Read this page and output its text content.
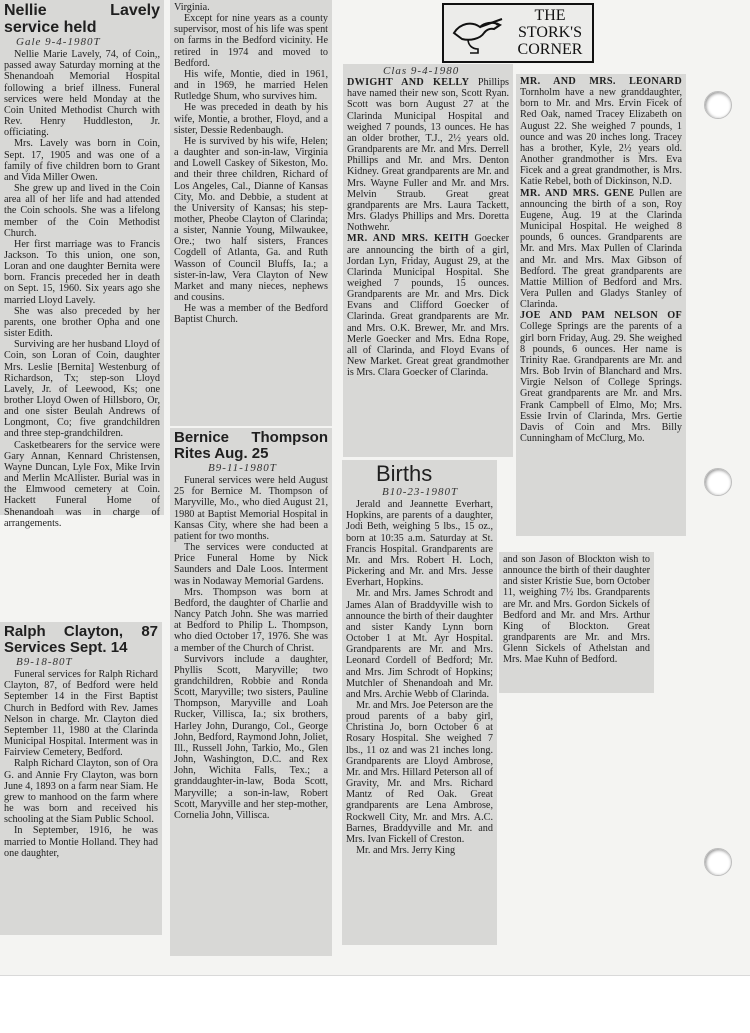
Nellie Lavely service held
Gale 9-4-1980T

Nellie Marie Lavely, 74, of Coin,, passed away Saturday morning at the Shenandoah Memorial Hospital following a brief illness. Funeral services were held Monday at the Coin United Methodist Church with Rev. Henry Huddleston, Jr. officiating.

Mrs. Lavely was born in Coin, Sept. 17, 1905 and was one of a family of five children born to Grant and Vida Miller Owen.

She grew up and lived in the Coin area all of her life and had attended the Coin schools. She was a lifelong member of the Coin Methodist Church.

Her first marriage was to Francis Jackson. To this union, one son, Loran and one daughter Bernita were born. Francis preceded her in death on Sept. 15, 1960. Six years ago she married Lloyd Lavely.

She was also preceded by her parents, one brother Opha and one sister Edith.

Surviving are her husband Lloyd of Coin, son Loran of Coin, daughter Mrs. Leslie [Bernita] Westenburg of Richardson, Tx; step-son Lloyd Lavely, Jr. of Leewood, Ks; one brother Lloyd Owen of Hillsboro, Or, and one sister Beulah Andrews of Longmont, Co; five grandchildren and three step-grandchildren.

Casketbearers for the service were Gary Annan, Kennard Christensen, Wayne Duncan, Lyle Fox, Mike Irvin and Merlin McAllister. Burial was in the Elmwood cemetery at Coin. Hackett Funeral Home of Shenandoah was in charge of arrangements.

Ralph Clayton, 87 Services Sept. 14
B9-18-80T

Funeral services for Ralph Richard Clayton, 87, of Bedford were held September 14 in the First Baptist Church in Bedford with Rev. James Nelson in charge. Mr. Clayton died September 11, 1980 at the Clarinda Municipal Hospital. Interment was in Fairview Cemetery, Bedford.

Ralph Richard Clayton, son of Ora G. and Annie Fry Clayton, was born June 4, 1893 on a farm near Siam. He grew to manhood on the farm where he was born and received his schooling at the Siam Public School.

In September, 1916, he was married to Montie Holland. They had one daughter,

Virginia.

Except for nine years as a county supervisor, most of his life was spent on farms in the Bedford vicinity. He retired in 1974 and moved to Bedford.

His wife, Montie, died in 1961, and in 1969, he married Helen Rutledge Shum, who survives him.

He was preceded in death by his wife, Montie, a brother, Floyd, and a sister, Dessie Redenbaugh.

He is survived by his wife, Helen; a daughter and son-in-law, Virginia and Lowell Caskey of Sikeston, Mo. and their three children, Richard of Los Angeles, Cal., Dianne of Kansas City, Mo. and Debbie, a student at the University of Kansas; his step-mother, Pheobe Clayton of Clarinda; a sister, Nannie Young, Milwaukee, Ore.; two half sisters, Frances Cogdell of Atlanta, Ga. and Ruth Wasson of Council Bluffs, Ia.; a sister-in-law, Vera Clayton of New Market and many nieces, nephews and cousins.

He was a member of the Bedford Baptist Church.

Bernice Thompson Rites Aug. 25
B9-11-1980T

Funeral services were held August 25 for Bernice M. Thompson of Maryville, Mo., who died August 21, 1980 at Baptist Memorial Hospital in Kansas City, where she had been a patient for two months.

The services were conducted at Price Funeral Home by Nick Saunders and Dale Loos. Interment was in Nodaway Memorial Gardens.

Mrs. Thompson was born at Bedford, the daughter of Charlie and Nancy Patch John. She was married at Bedford to Philip L. Thompson, who died October 17, 1976. She was a member of the Church of Christ.

Survivors include a daughter, Phyllis Scott, Maryville; two grandchildren, Robbie and Ronda Scott, Maryville; two sisters, Pauline Thompson, Maryville and Loah Rucker, Villisca, Ia.; six brothers, Harley John, Durango, Col., George John, Bedford, Raymond John, Joliet, Ill., Russell John, Tarkio, Mo., Glen John, Washington, D.C. and Rex John, Wichita Falls, Tex.; a granddaughter-in-law, Boda Scott, Maryville; a son-in-law, Robert Scott, Maryville and her step-mother, Cornelia John, Villisca.

THE
STORK'S
CORNER
Clas 9-4-1980

DWIGHT AND KELLY Phillips have named their new son, Scott Ryan. Scott was born August 27 at the Clarinda Municipal Hospital and weighed 7 pounds, 13 ounces. He has an older brother, T.J., 2½ years old. Grandparents are Mr. and Mrs. Derrell Phillips and Mr. and Mrs. Denton Kidney. Great grandparents are Mr. and Mrs. Wayne Fuller and Mr. and Mrs. Melvin Straub. Great great grandparents are Mrs. Laura Tackett, Mrs. Gladys Phillips and Mrs. Doretta Nothwehr.

MR. AND MRS. KEITH Goecker are announcing the birth of a girl, Jordan Lyn, Friday, August 29, at the Clarinda Municipal Hospital. She weighed 7 pounds, 15 ounces. Grandparents are Mr. and Mrs. Dick Evans and Clifford Goecker of Clarinda. Great grandparents are Mr. and Mrs. O.K. Brewer, Mr. and Mrs. Merle Goecker and Mrs. Edna Rope, all of Clarinda, and Floyd Evans of New Market. Great great grandmother is Mrs. Clara Goecker of Clarinda.

MR. AND MRS. LEONARD Tornholm have a new granddaughter, born to Mr. and Mrs. Ervin Ficek of Red Oak, named Tracey Elizabeth on August 22. She weighed 7 pounds, 1 ounce and was 20 inches long. Tracey has a brother, Kyle, 2½ years old. Another grandmother is Mrs. Eva Ficek and a great grandmother, is Mrs. Katie Rebel, both of Dickinson, N.D.

MR. AND MRS. GENE Pullen are announcing the birth of a son, Roy Eugene, Aug. 19 at the Clarinda Municipal Hospital. He weighed 8 pounds, 6 ounces. Grandparents are Mr. and Mrs. Max Pullen of Clarinda and Mr. and Mrs. Max Gibson of Bedford. The great grandparents are Mattie Million of Bedford and Mrs. Vera Pullen and Gladys Stanley of Clarinda.

JOE AND PAM NELSON OF College Springs are the parents of a girl born Friday, Aug. 29. She weighed 8 pounds, 6 ounces. Her name is Trinity Rae. Grandparents are Mr. and Mrs. Bob Irvin of Blanchard and Mrs. Virgie Nelson of College Springs. Great grandparents are Mr. and Mrs. Frank Campbell of Elmo, Mo; Mrs. Essie Irvin of Clarinda, Mrs. Gertie Davis of Coin and Mrs. Billy Cunningham of McClurg, Mo.

Births
B10-23-1980T

Jerald and Jeannette Everhart, Hopkins, are parents of a daughter, Jodi Beth, weighing 5 lbs., 15 oz., born at 10:35 a.m. Saturday at St. Francis Hospital. Grandparents are Mr. and Mrs. Robert H. Loch, Pickering and Mr. and Mrs. Jesse Everhart, Hopkins.

Mr. and Mrs. James Schrodt and James Alan of Braddyville wish to announce the birth of their daughter and sister Kandy Lynn born October 1 at Mt. Ayr Hospital. Grandparents are Mr. and Mrs. Leonard Cordell of Bedford; Mr. and Mrs. Jim Schrodt of Hopkins; Mutchler of Shenandoah and Mr. and Mrs. Archie Webb of Clarinda.

Mr. and Mrs. Joe Peterson are the proud parents of a baby girl, Christina Jo, born October 6 at Rosary Hospital. She weighed 7 lbs., 11 oz and was 21 inches long. Grandparents are Lloyd Ambrose, Mr. and Mrs. Hillard Peterson all of Gravity, Mr. and Mrs. Richard Mantz of Red Oak. Great grandparents are Lena Ambrose, Rockwell City, Mr. and Mrs. A.C. Barnes, Braddyville and Mr. and Mrs. Ivan Fickell of Creston.

Mr. and Mrs. Jerry King

and son Jason of Blockton wish to announce the birth of their daughter and sister Kristie Sue, born October 11, weighing 7½ lbs. Grandparents are Mr. and Mrs. Gordon Sickels of Bedford and Mr. and Mrs. Arthur King of Blockton. Great grandparents are Mr. and Mrs. Glenn Sickels of Athelstan and Mrs. Mae Kuhn of Bedford.
